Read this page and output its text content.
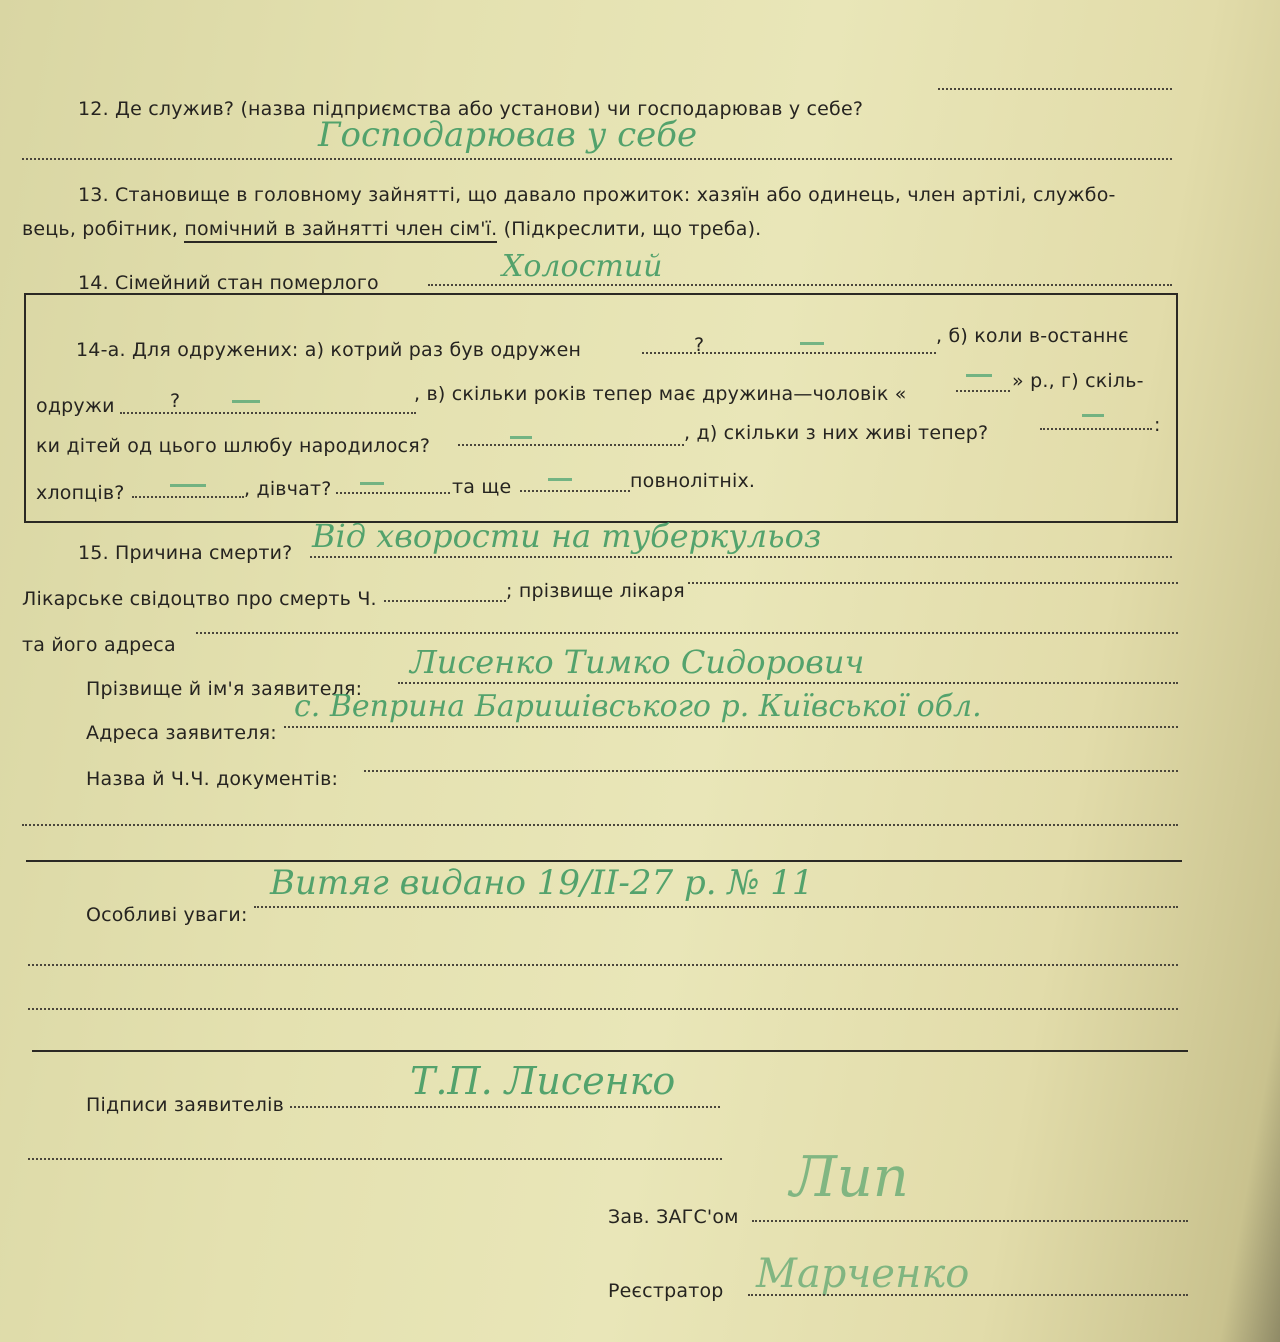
12. Де служив? (назва підприємства або установи) чи господарював у себе?
Господарював у себе
13. Становище в головному зайнятті, що давало прожиток: хазяїн або одинець, член артілі, службо-
вець, робітник, помічний в зайнятті член сім'ї. (Підкреслити, що треба).
14. Сімейний стан померлого	Холостий
14-а. Для одружених: а) котрий раз був одружен	?	, б) коли в-останнє
одружи	?	, в) скільки років тепер має дружина—чоловік «
» р., г) скіль-
ки дітей од цього шлюбу народилося?
, д) скільки з них живі тепер?	:
хлопців?	, дівчат?	та ще	повнолітніх.
15. Причина смерти? Від хворости на туберкульоз
Лікарське свідоцтво про смерть Ч.	; прізвище лікаря
та його адреса
Прізвище й ім'я заявителя:
Лисенко Тимко Сидорович
Адреса заявителя:
с. Веприна Баришівського р. Київської обл.
Назва й Ч.Ч. документів:
Особливі уваги:
Витяг видано 19/II-27 р. № 11
Підписи заявителів
Т.П. Лисенко
Зав. ЗАГС'ом
Лип
Реєстратор Марченко
